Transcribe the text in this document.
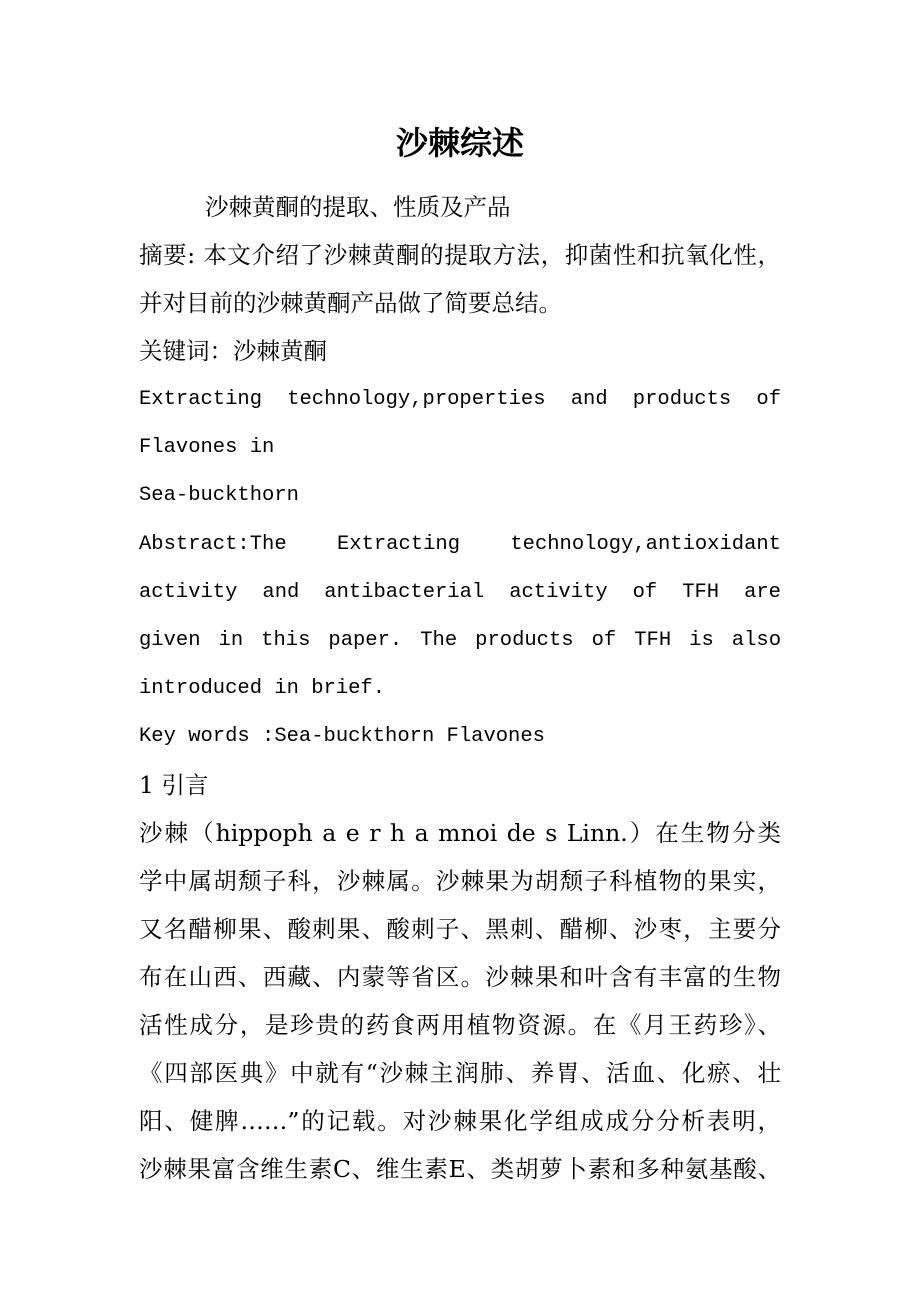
沙棘综述
沙棘黄酮的提取、性质及产品
摘要: 本文介绍了沙棘黄酮的提取方法，抑菌性和抗氧化性，
并对目前的沙棘黄酮产品做了简要总结。
关键词：沙棘黄酮
Extracting technology,properties and products of
Flavones in
Sea-buckthorn
Abstract:The Extracting technology,antioxidant
activity and antibacterial activity of TFH are
given in this paper. The products of TFH is also
introduced in brief.
Key words :Sea-buckthorn Flavones
1 引言
沙棘（hippoph a e r h a mnoi de s Linn.）在生物分类
学中属胡颓子科，沙棘属。沙棘果为胡颓子科植物的果实，
又名醋柳果、酸刺果、酸刺子、黑刺、醋柳、沙枣，主要分
布在山西、西藏、内蒙等省区。沙棘果和叶含有丰富的生物
活性成分，是珍贵的药食两用植物资源。在《月王药珍》、
《四部医典》中就有“沙棘主润肺、养胃、活血、化瘀、壮
阳、健脾……”的记载。对沙棘果化学组成成分分析表明，
沙棘果富含维生素C、维生素E、类胡萝卜素和多种氨基酸、
